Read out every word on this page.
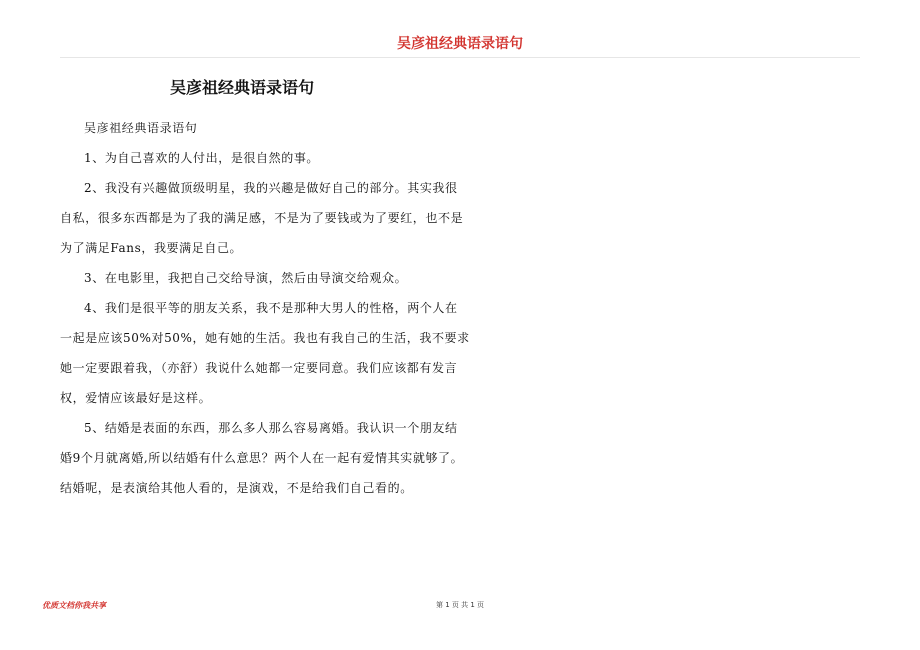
吴彦祖经典语录语句
吴彦祖经典语录语句
吴彦祖经典语录语句
1、为自己喜欢的人付出，是很自然的事。
2、我没有兴趣做顶级明星，我的兴趣是做好自己的部分。其实我很
自私，很多东西都是为了我的满足感，不是为了要钱或为了要红，也不是
为了满足Fans，我要满足自己。
3、在电影里，我把自己交给导演，然后由导演交给观众。
4、我们是很平等的朋友关系，我不是那种大男人的性格，两个人在
一起是应该50%对50%，她有她的生活。我也有我自己的生活，我不要求
她一定要跟着我，（亦舒）我说什么她都一定要同意。我们应该都有发言
权，爱情应该最好是这样。
5、结婚是表面的东西，那么多人那么容易离婚。我认识一个朋友结
婚9个月就离婚,所以结婚有什么意思？两个人在一起有爱情其实就够了。
结婚呢，是表演给其他人看的，是演戏，不是给我们自己看的。
优质文档你我共享	第 1 页 共 1 页
